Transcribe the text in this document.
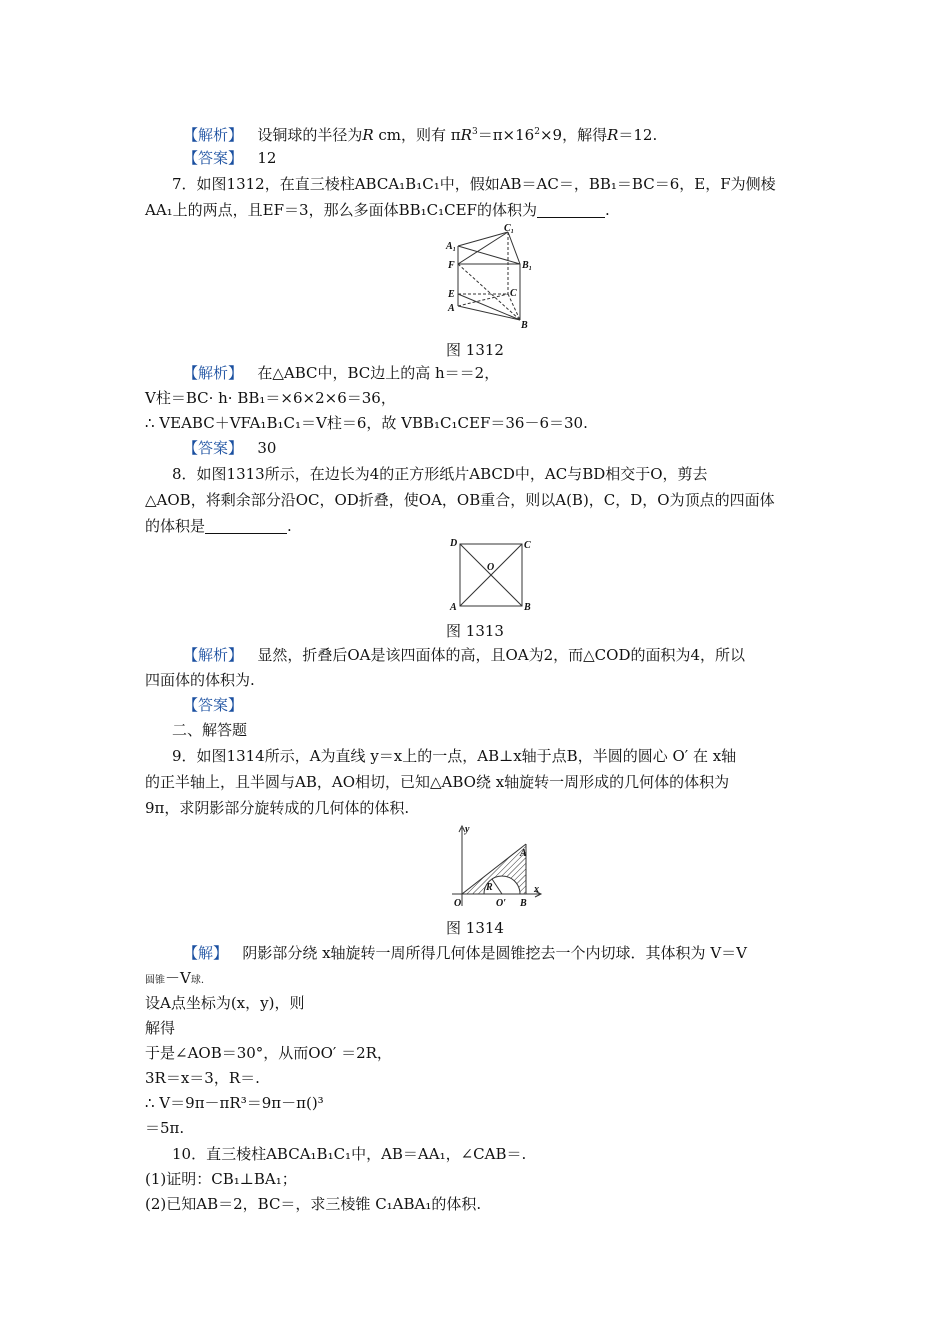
【解析】 设铜球的半径为R cm，则有 $\pi R^3=\pi\times 16^2\times 9$，解得R＝12.
【答案】 12
7．如图1312，在直三棱柱ABCA₁B₁C₁中，假如AB＝AC＝，BB₁＝BC＝6，E，F为侧棱
AA₁上的两点，且EF＝3，那么多面体BB₁C₁CEF的体积为	.
A₁
C₁
F	B₁
E	C
A
B
图 1312
【解析】 在△ABC中，BC边上的高 h＝＝2，
V柱＝BC· h· BB₁＝×6×2×6＝36，
∴ VEABC＋VFA₁B₁C₁＝V柱＝6，故 VBB₁C₁CEF＝36－6＝30.
【答案】 30
8．如图1313所示，在边长为4的正方形纸片ABCD中，AC与BD相交于O，剪去
△AOB，将剩余部分沿OC，OD折叠，使OA，OB重合，则以A(B)，C，D，O为顶点的四面体
的体积是	.
D	C
O
A	B
图 1313
【解析】 显然，折叠后OA是该四面体的高，且OA为2，而△COD的面积为4，所以
四面体的体积为.
【答案】
二、解答题
9．如图1314所示，A为直线 y＝x上的一点，AB⊥x轴于点B，半圆的圆心 O′ 在 x轴
的正半轴上，且半圆与AB，AO相切，已知△ABO绕 x轴旋转一周形成的几何体的体积为
9π，求阴影部分旋转成的几何体的体积.
y
A
R
O	O′ B
x
图 1314
【解】 阴影部分绕 x轴旋转一周所得几何体是圆锥挖去一个内切球．其体积为 V＝V
圆锥－V球.
设A点坐标为(x，y)，则
解得
于是∠AOB＝30°，从而OO′ ＝2R，
3R＝x＝3，R＝.
∴ V＝9π－πR³＝9π－π()³
＝5π.
10．直三棱柱ABCA₁B₁C₁中，AB＝AA₁，∠CAB＝.
(1)证明：CB₁⊥BA₁；
(2)已知AB＝2，BC＝，求三棱锥 C₁ABA₁的体积.
